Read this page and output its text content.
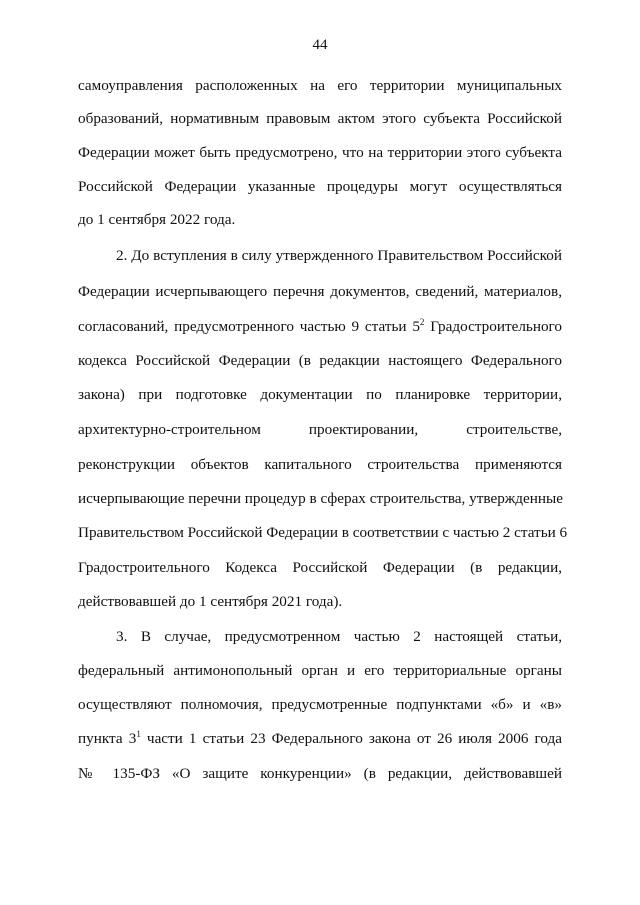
44
самоуправления расположенных на его территории муниципальных
образований, нормативным правовым актом этого субъекта Российской
Федерации может быть предусмотрено, что на территории этого субъекта
Российской Федерации указанные процедуры могут осуществляться
до 1 сентября 2022 года.
2. До вступления в силу утвержденного Правительством Российской
Федерации исчерпывающего перечня документов, сведений, материалов,
согласований, предусмотренного частью 9 статьи $5^2$ Градостроительного
кодекса Российской Федерации (в редакции настоящего Федерального
закона) при подготовке документации по планировке территории,
архитектурно-строительном проектировании, строительстве,
реконструкции объектов капитального строительства применяются
исчерпывающие перечни процедур в сферах строительства, утвержденные
Правительством Российской Федерации в соответствии с частью 2 статьи 6
Градостроительного Кодекса Российской Федерации (в редакции,
действовавшей до 1 сентября 2021 года).
3. В случае, предусмотренном частью 2 настоящей статьи,
федеральный антимонопольный орган и его территориальные органы
осуществляют полномочия, предусмотренные подпунктами «б» и «в»
пункта $3^1$ части 1 статьи 23 Федерального закона от 26 июля 2006 года
№ 135-ФЗ «О защите конкуренции» (в редакции, действовавшей
